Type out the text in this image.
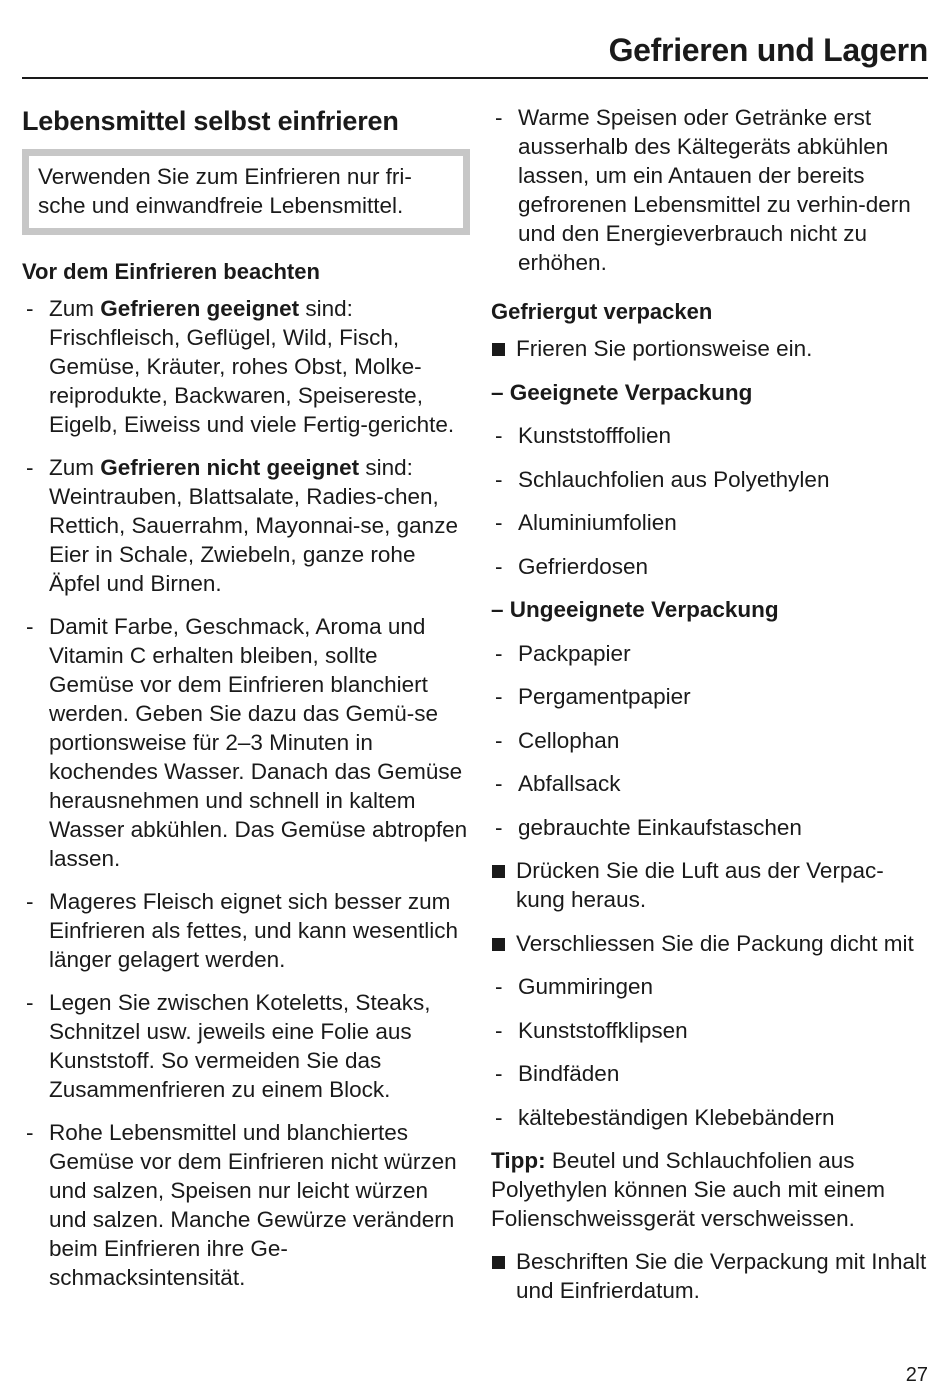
Gefrieren und Lagern
Lebensmittel selbst einfrieren
Verwenden Sie zum Einfrieren nur fri-
sche und einwandfreie Lebensmittel.
Vor dem Einfrieren beachten
- Zum Gefrieren geeignet sind: Frischfleisch, Geflügel, Wild, Fisch, Gemüse, Kräuter, rohes Obst, Molke-reiprodukte, Backwaren, Speisereste, Eigelb, Eiweiss und viele Fertig-gerichte.
- Zum Gefrieren nicht geeignet sind: Weintrauben, Blattsalate, Radies-chen, Rettich, Sauerrahm, Mayonnai-se, ganze Eier in Schale, Zwiebeln, ganze rohe Äpfel und Birnen.
- Damit Farbe, Geschmack, Aroma und Vitamin C erhalten bleiben, sollte Gemüse vor dem Einfrieren blanchiert werden. Geben Sie dazu das Gemü-se portionsweise für 2–3 Minuten in kochendes Wasser. Danach das Gemüse herausnehmen und schnell in kaltem Wasser abkühlen. Das Gemüse abtropfen lassen.
- Mageres Fleisch eignet sich besser zum Einfrieren als fettes, und kann wesentlich länger gelagert werden.
- Legen Sie zwischen Koteletts, Steaks, Schnitzel usw. jeweils eine Folie aus Kunststoff. So vermeiden Sie das Zusammenfrieren zu einem Block.
- Rohe Lebensmittel und blanchiertes Gemüse vor dem Einfrieren nicht würzen und salzen, Speisen nur leicht würzen und salzen. Manche Gewürze verändern beim Einfrieren ihre Ge-schmacksintensität.
- Warme Speisen oder Getränke erst ausserhalb des Kältegeräts abkühlen lassen, um ein Antauen der bereits gefrorenen Lebensmittel zu verhin-dern und den Energieverbrauch nicht zu erhöhen.
Gefriergut verpacken
Frieren Sie portionsweise ein.
– Geeignete Verpackung
- Kunststofffolien
- Schlauchfolien aus Polyethylen
- Aluminiumfolien
- Gefrierdosen
– Ungeeignete Verpackung
- Packpapier
- Pergamentpapier
- Cellophan
- Abfallsack
- gebrauchte Einkaufstaschen
Drücken Sie die Luft aus der Verpac-kung heraus.
Verschliessen Sie die Packung dicht mit
- Gummiringen
- Kunststoffklipsen
- Bindfäden
- kältebeständigen Klebebändern

Tipp: Beutel und Schlauchfolien aus Polyethylen können Sie auch mit einem Folienschweissgerät verschweissen.

Beschriften Sie die Verpackung mit Inhalt und Einfrierdatum.
27
